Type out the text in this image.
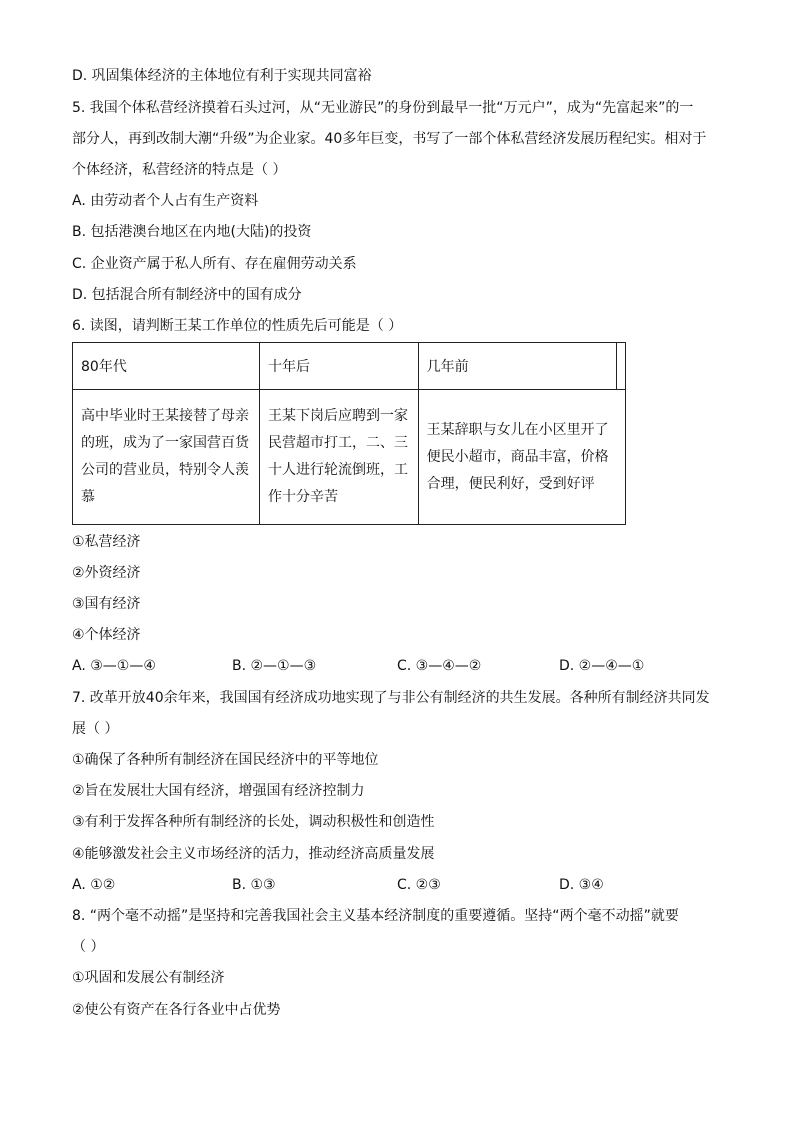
D. 巩固集体经济的主体地位有利于实现共同富裕
5. 我国个体私营经济摸着石头过河，从“无业游民”的身份到最早一批“万元户”，成为“先富起来”的一
部分人，再到改制大潮“升级”为企业家。40多年巨变，书写了一部个体私营经济发展历程纪实。相对于
个体经济，私营经济的特点是（ ）
A. 由劳动者个人占有生产资料
B. 包括港澳台地区在内地(大陆)的投资
C. 企业资产属于私人所有、存在雇佣劳动关系
D. 包括混合所有制经济中的国有成分
6. 读图，请判断王某工作单位的性质先后可能是（ ）
80年代	十年后	几年前	
高中毕业时王某接替了母亲的班，成为了一家国营百货公司的营业员，特别令人羡慕	王某下岗后应聘到一家民营超市打工，二、三十人进行轮流倒班，工作十分辛苦	王某辞职与女儿在小区里开了便民小超市，商品丰富，价格合理，便民利好，受到好评	
①私营经济
②外资经济
③国有经济
④个体经济
A. ③—①—④	B. ②—①—③	C. ③—④—②	D. ②—④—①
7. 改革开放40余年来，我国国有经济成功地实现了与非公有制经济的共生发展。各种所有制经济共同发
展（ ）
①确保了各种所有制经济在国民经济中的平等地位
②旨在发展壮大国有经济，增强国有经济控制力
③有利于发挥各种所有制经济的长处，调动积极性和创造性
④能够激发社会主义市场经济的活力，推动经济高质量发展
A. ①②	B. ①③	C. ②③	D. ③④
8. “两个毫不动摇”是坚持和完善我国社会主义基本经济制度的重要遵循。坚持“两个毫不动摇”就要
（ ）
①巩固和发展公有制经济
②使公有资产在各行各业中占优势
